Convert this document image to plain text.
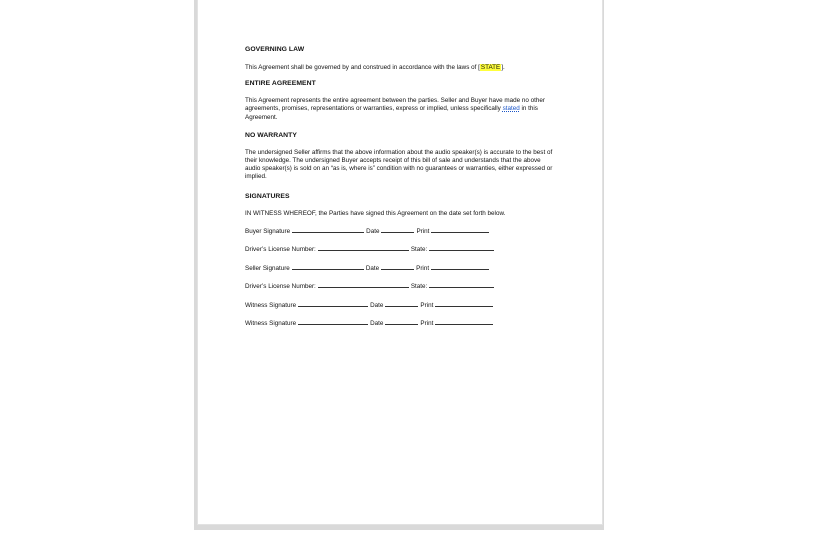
GOVERNING LAW

This Agreement shall be governed by and construed in accordance with the laws of [STATE].

ENTIRE AGREEMENT

This Agreement represents the entire agreement between the parties. Seller and Buyer have made no other agreements, promises, representations or warranties, express or implied, unless specifically stated in this Agreement.

NO WARRANTY

The undersigned Seller affirms that the above information about the audio speaker(s) is accurate to the best of their knowledge. The undersigned Buyer accepts receipt of this bill of sale and understands that the above audio speaker(s) is sold on an “as is, where is” condition with no guarantees or warranties, either expressed or implied.

SIGNATURES

IN WITNESS WHEREOF, the Parties have signed this Agreement on the date set forth below.

Buyer Signature	Date	Print

Driver’s License Number:	State:

Seller Signature	Date	Print

Driver’s License Number:	State:

Witness Signature	Date	Print

Witness Signature	Date	Print
